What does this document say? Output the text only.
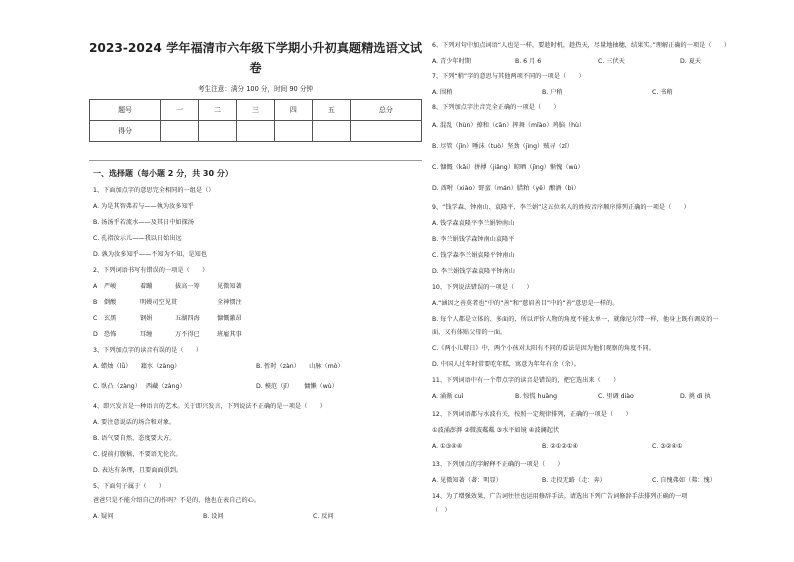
2023-2024 学年福清市六年级下学期小升初真题精选语文试
卷
考生注意：满分 100 分，时间 90 分钟
题号	一	二	三	四	五	总分
得分						
一、选择题（每小题 2 分，共 30 分）
1、下面加点字的意思完全相同的一组是（）
A. 为是其智弗若与——執为汝多知乎
B. 汤汤乎若流水——及其日中如探汤
C. 孔指汝示儿——我以日始出远
D. 孰为汝多知乎——不知为不知，是知也
2、下列词语书写有错误的一项是（　　）
A 严峻	着蹦	拔高一筹	见微知著
B 倒酸	明嫚司空见贯	全神惯注
C 玄黑	钢娟	五湖四海	慷慨激昂
D 恐怖	耳缠	万不得已	班雇其事
3、下列加点字的读音有误的是（　　）
A. 蜡烛（lǚ）　　籍水（zàng）	B. 暂时（zàn）　　山脉（mò）
C. 臥凸（zàng）　 西藏（zàng）	D. 模范（jǐ）　　 慵懒（wù）
4、即兴发言是一种语言的艺术。关于即兴发言，下列说法不正确的是一项是（　　）
A. 要注意说话的场合和对象。
B. 语气要自然，态度要大方。
C. 提前打腹稿，不要语无伦次。
D. 表达有条理，且要面面俱到。
5、下面句子属于（　　）
爸爸只是不能介绍自己的作吗？不是的，他也在表自己的心。
A. 疑问	B. 设问	C. 反问
6、下列对句中加点词语“人也是一样，要趁时机，趁热天，尽量地抽穗，结果实。”理解正确的一项是（　　）
A. 青少年时期	B. 6 月 6	C. 三伏天	D. 夏天
7、下列“稍”字的意思与其他两项不同的一项是（　　）
A. 围稍	B. 户稍	C. 书稍
8、下列加点字注音完全正确的一项是（　　）
A. 混乱（hùn）撩和（cān）挥舞（mǐào）鸡脑（hù）
B. 尽管（jǐn）唾沫（tuò）坚劲（jìng）贼寻（zǐ）
C. 慷慨（kǎi）拼搏（jiǎng）晾晒（jìng）惭愧（wù）
D. 酋咐（xiào）野蛮（mán）腊粕（yě）酿酒（bì）
9、“钱学森、钟南山、袁隆平、李兰娟”这五位名人的姓按音序顺序排列正确的一项是（　　）
A. 钱学森袁隆平李兰娟钟南山
B. 李兰娟钱学森钟南山袁隆平
C. 钱学森李兰娟袁隆平钟南山
D. 李兰娟钱学森袁隆平钟南山
10、下列说法错误的一项是（　　）
A.“涵因之善莫者也”中的“善”和“慈眉善目”中的“善”意思是一样的。
B. 每个人都是立体的、多面的，所以评价人物的角度不能太单一，就像尼尔带一样，他身上既有调皮的一
面，又有体贴父母的一面。
C.《两小儿辩日》中，两个小孩对太阳有不同的看法是因为他们观察的角度不同。
D. 中国人过年时常要吃年糕，寓意为年年有余（余）。
11、下列词语中有一个带点字的读音是错误的，把它选出来（　　）
A. 涌渐 cuì	B. 惊慌 huāng	C. 里调 diào	D. 挑 dì 执
12、下列词语都与水波有关，按照一定规律排列，正确的一项是（　　）
①波涌澎湃 ②微波粼粼 ③水平如镜 ④波澜起伏
A. ①③④④	B. ②①②①④	C. ③②④①
13、下列加点的字解释不正确的一项是（　　）
A. 见微知著（著：明显）	B. 走投无路（走：奔）	C. 自愧弗如（弗：愧）
14、为了增强效果，广告词往往也运用修辞手法。请选出下列广告词修辞手法排列正确的一项
（　）
